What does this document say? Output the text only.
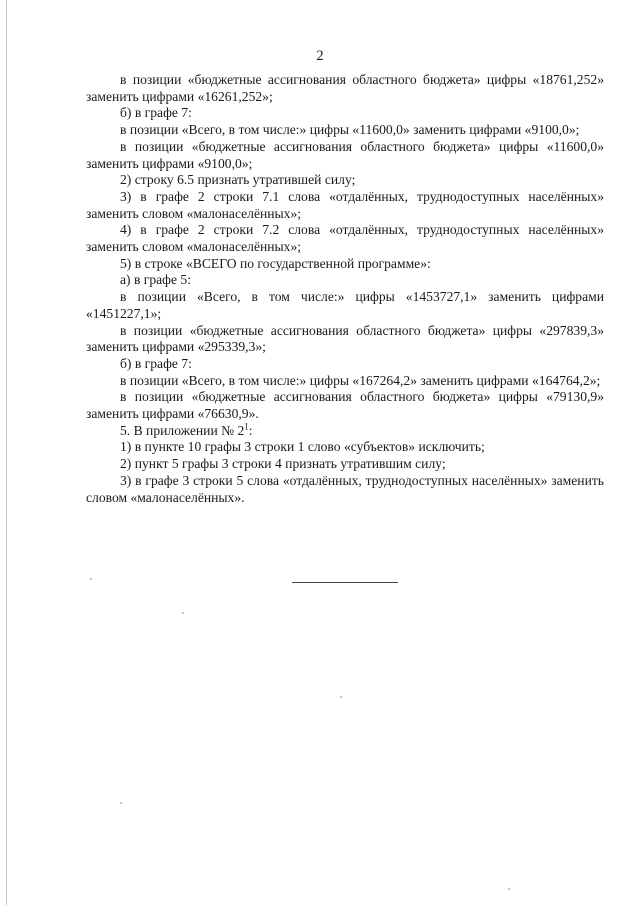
2

в позиции «бюджетные ассигнования областного бюджета» цифры «18761,252» заменить цифрами «16261,252»;

б) в графе 7:

в позиции «Всего, в том числе:» цифры «11600,0» заменить цифрами «9100,0»;

в позиции «бюджетные ассигнования областного бюджета» цифры «11600,0» заменить цифрами «9100,0»;

2) строку 6.5 признать утратившей силу;

3) в графе 2 строки 7.1 слова «отдалённых, труднодоступных населённых» заменить словом «малонаселённых»;

4) в графе 2 строки 7.2 слова «отдалённых, труднодоступных населённых» заменить словом «малонаселённых»;

5) в строке «ВСЕГО по государственной программе»:

а) в графе 5:

в позиции «Всего, в том числе:» цифры «1453727,1» заменить цифрами «1451227,1»;

в позиции «бюджетные ассигнования областного бюджета» цифры «297839,3» заменить цифрами «295339,3»;

б) в графе 7:

в позиции «Всего, в том числе:» цифры «167264,2» заменить цифрами «164764,2»;

в позиции «бюджетные ассигнования областного бюджета» цифры «79130,9» заменить цифрами «76630,9».

5. В приложении № $2^1$:

1) в пункте 10 графы 3 строки 1 слово «субъектов» исключить;

2) пункт 5 графы 3 строки 4 признать утратившим силу;

3) в графе 3 строки 5 слова «отдалённых, труднодоступных населённых» заменить словом «малонаселённых».
